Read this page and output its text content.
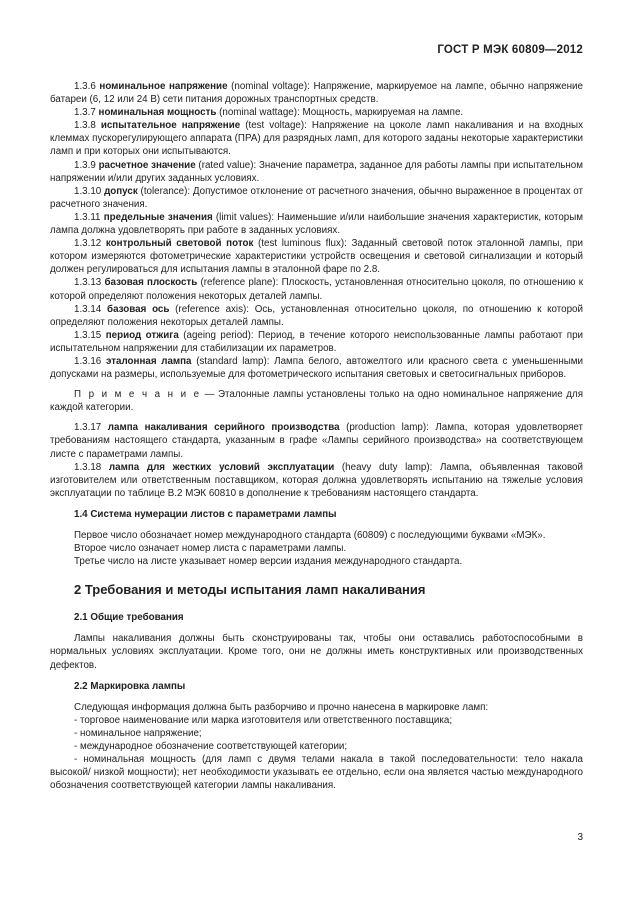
ГОСТ Р МЭК 60809—2012

1.3.6 номинальное напряжение (nominal voltage): Напряжение, маркируемое на лампе, обычно напряжение батареи (6, 12 или 24 В) сети питания дорожных транспортных средств.

1.3.7 номинальная мощность (nominal wattage): Мощность, маркируемая на лампе.

1.3.8 испытательное напряжение (test voltage): Напряжение на цоколе ламп накаливания и на входных клеммах пускорегулирующего аппарата (ПРА) для разрядных ламп, для которого заданы некоторые характеристики ламп и при которых они испытываются.

1.3.9 расчетное значение (rated value): Значение параметра, заданное для работы лампы при испытательном напряжении и/или других заданных условиях.

1.3.10 допуск (tolerance): Допустимое отклонение от расчетного значения, обычно выраженное в процентах от расчетного значения.

1.3.11 предельные значения (limit values): Наименьшие и/или наибольшие значения характеристик, которым лампа должна удовлетворять при работе в заданных условиях.

1.3.12 контрольный световой поток (test luminous flux): Заданный световой поток эталонной лампы, при котором измеряются фотометрические характеристики устройств освещения и световой сигнализации и который должен регулироваться для испытания лампы в эталонной фаре по 2.8.

1.3.13 базовая плоскость (reference plane): Плоскость, установленная относительно цоколя, по отношению к которой определяют положения некоторых деталей лампы.

1.3.14 базовая ось (reference axis): Ось, установленная относительно цоколя, по отношению к которой определяют положения некоторых деталей лампы.

1.3.15 период отжига (ageing period): Период, в течение которого неиспользованные лампы работают при испытательном напряжении для стабилизации их параметров.

1.3.16 эталонная лампа (standard lamp): Лампа белого, автожелтого или красного света с уменьшенными допусками на размеры, используемые для фотометрического испытания световых и светосигнальных приборов.

П р и м е ч а н и е — Эталонные лампы установлены только на одно номинальное напряжение для каждой категории.

1.3.17 лампа накаливания серийного производства (production lamp): Лампа, которая удовлетворяет требованиям настоящего стандарта, указанным в графе «Лампы серийного производства» на соответствующем листе с параметрами лампы.

1.3.18 лампа для жестких условий эксплуатации (heavy duty lamp): Лампа, объявленная таковой изготовителем или ответственным поставщиком, которая должна удовлетворять испытанию на тяжелые условия эксплуатации по таблице В.2 МЭК 60810 в дополнение к требованиям настоящего стандарта.

1.4 Система нумерации листов с параметрами лампы

Первое число обозначает номер международного стандарта (60809) с последующими буквами «МЭК».

Второе число означает номер листа с параметрами лампы.

Третье число на листе указывает номер версии издания международного стандарта.

2 Требования и методы испытания ламп накаливания

2.1 Общие требования

Лампы накаливания должны быть сконструированы так, чтобы они оставались работоспособными в нормальных условиях эксплуатации. Кроме того, они не должны иметь конструктивных или производственных дефектов.

2.2 Маркировка лампы

Следующая информация должна быть разборчиво и прочно нанесена в маркировке ламп:

- торговое наименование или марка изготовителя или ответственного поставщика;

- номинальное напряжение;

- международное обозначение соответствующей категории;

- номинальная мощность (для ламп с двумя телами накала в такой последовательности: тело накала высокой/ низкой мощности); нет необходимости указывать ее отдельно, если она является частью международного обозначения соответствующей категории лампы накаливания.

3
